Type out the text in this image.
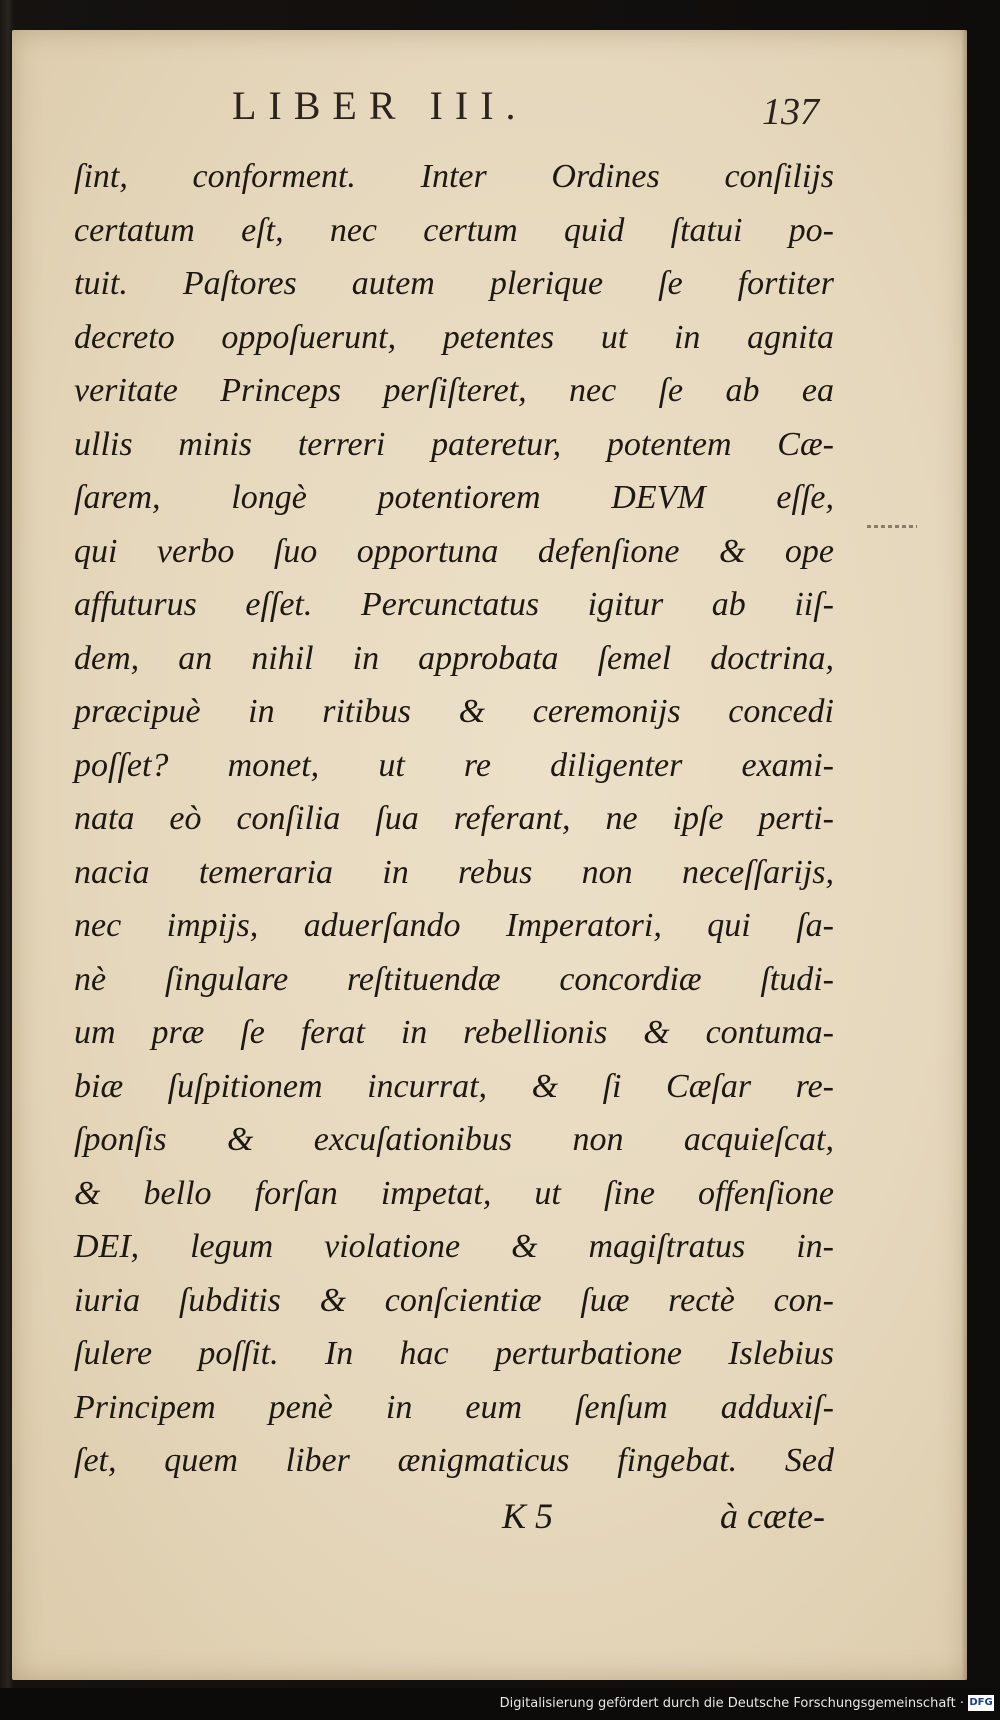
LIBER III.	137
ſint, conforment. Inter Ordines conſilijs
certatum eſt, nec certum quid ſtatui po-
tuit. Paſtores autem plerique ſe fortiter
decreto oppoſuerunt, petentes ut in agnita
veritate Princeps perſiſteret, nec ſe ab ea
ullis minis terreri pateretur, potentem Cæ-
ſarem, longè potentiorem DEVM eſſe,
qui verbo ſuo opportuna defenſione & ope
affuturus eſſet. Percunctatus igitur ab iiſ-
dem, an nihil in approbata ſemel doctrina,
præcipuè in ritibus & ceremonijs concedi
poſſet? monet, ut re diligenter exami-
nata eò conſilia ſua referant, ne ipſe perti-
nacia temeraria in rebus non neceſſarijs,
nec impijs, aduerſando Imperatori, qui ſa-
nè ſingulare reſtituendæ concordiæ ſtudi-
um præ ſe ferat in rebellionis & contuma-
biæ ſuſpitionem incurrat, & ſi Cæſar re-
ſponſis & excuſationibus non acquieſcat,
& bello forſan impetat, ut ſine offenſione
DEI, legum violatione & magiſtratus in-
iuria ſubditis & conſcientiæ ſuæ rectè con-
ſulere poſſit. In hac perturbatione Islebius
Principem penè in eum ſenſum adduxiſ-
ſet, quem liber ænigmaticus fingebat. Sed
K 5	à cæte-
Digitalisierung gefördert durch die Deutsche Forschungsgemeinschaft · DFG
